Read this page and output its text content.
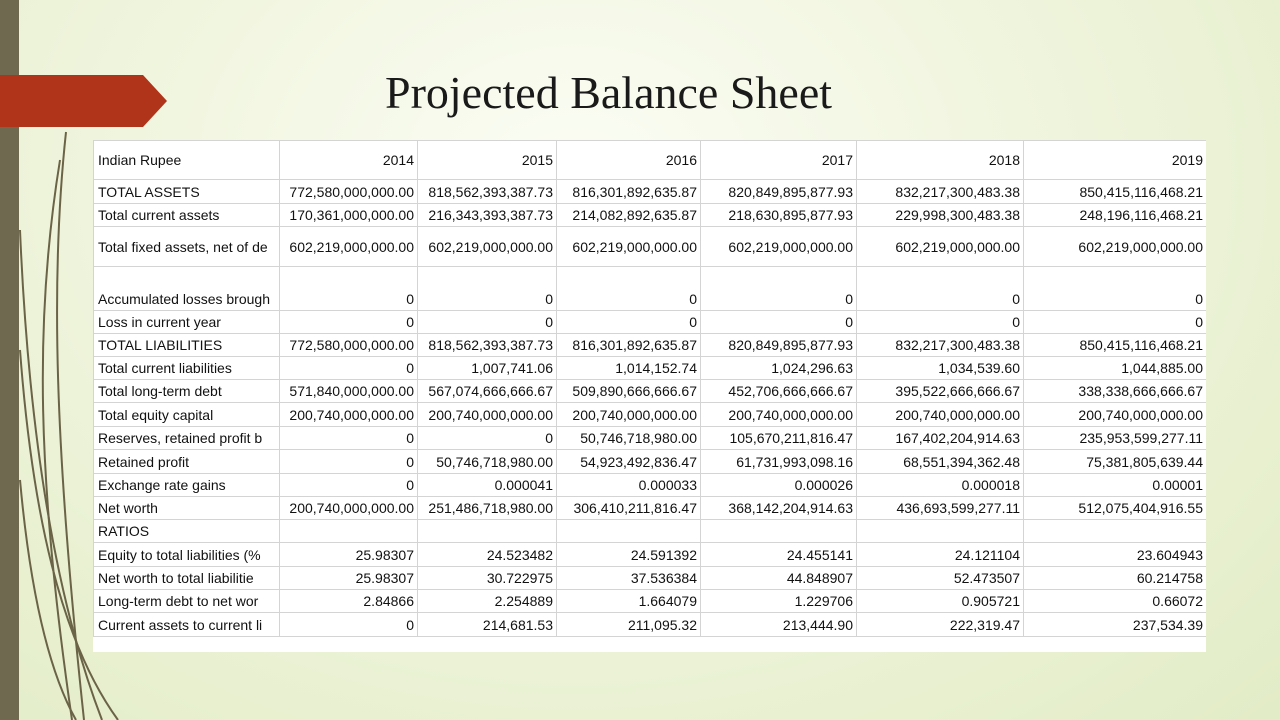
Projected Balance Sheet
Indian Rupee	2014	2015	2016	2017	2018	2019
TOTAL ASSETS	772,580,000,000.00	818,562,393,387.73	816,301,892,635.87	820,849,895,877.93	832,217,300,483.38	850,415,116,468.21
Total current assets	170,361,000,000.00	216,343,393,387.73	214,082,892,635.87	218,630,895,877.93	229,998,300,483.38	248,196,116,468.21
Total fixed assets, net of de	602,219,000,000.00	602,219,000,000.00	602,219,000,000.00	602,219,000,000.00	602,219,000,000.00	602,219,000,000.00
Accumulated losses brough	0	0	0	0	0	0
Loss in current year	0	0	0	0	0	0
TOTAL LIABILITIES	772,580,000,000.00	818,562,393,387.73	816,301,892,635.87	820,849,895,877.93	832,217,300,483.38	850,415,116,468.21
Total current liabilities	0	1,007,741.06	1,014,152.74	1,024,296.63	1,034,539.60	1,044,885.00
Total long-term debt	571,840,000,000.00	567,074,666,666.67	509,890,666,666.67	452,706,666,666.67	395,522,666,666.67	338,338,666,666.67
Total equity capital	200,740,000,000.00	200,740,000,000.00	200,740,000,000.00	200,740,000,000.00	200,740,000,000.00	200,740,000,000.00
Reserves, retained profit b	0	0	50,746,718,980.00	105,670,211,816.47	167,402,204,914.63	235,953,599,277.11
Retained profit	0	50,746,718,980.00	54,923,492,836.47	61,731,993,098.16	68,551,394,362.48	75,381,805,639.44
Exchange rate gains	0	0.000041	0.000033	0.000026	0.000018	0.00001
Net worth	200,740,000,000.00	251,486,718,980.00	306,410,211,816.47	368,142,204,914.63	436,693,599,277.11	512,075,404,916.55
RATIOS						
Equity to total liabilities (%	25.98307	24.523482	24.591392	24.455141	24.121104	23.604943
Net worth to total liabilitie	25.98307	30.722975	37.536384	44.848907	52.473507	60.214758
Long-term debt to net wor	2.84866	2.254889	1.664079	1.229706	0.905721	0.66072
Current assets to current li	0	214,681.53	211,095.32	213,444.90	222,319.47	237,534.39
